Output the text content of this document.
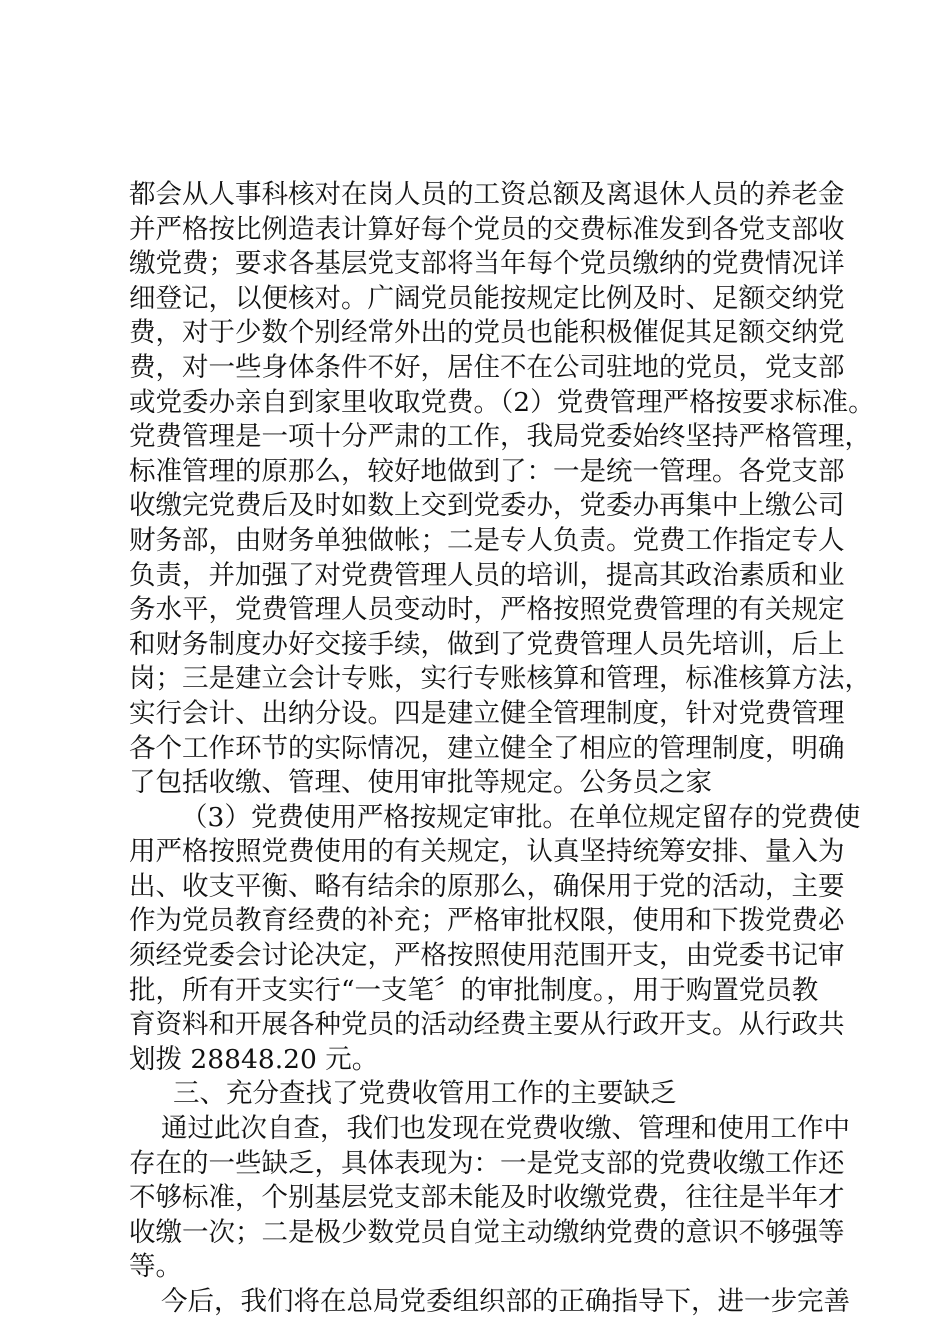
都会从人事科核对在岗人员的工资总额及离退休人员的养老金
并严格按比例造表计算好每个党员的交费标准发到各党支部收
缴党费；要求各基层党支部将当年每个党员缴纳的党费情况详
细登记，以便核对。广阔党员能按规定比例及时、足额交纳党
费，对于少数个别经常外出的党员也能积极催促其足额交纳党
费，对一些身体条件不好，居住不在公司驻地的党员，党支部
或党委办亲自到家里收取党费。（2）党费管理严格按要求标准。
党费管理是一项十分严肃的工作，我局党委始终坚持严格管理，
标准管理的原那么，较好地做到了：一是统一管理。各党支部
收缴完党费后及时如数上交到党委办，党委办再集中上缴公司
财务部，由财务单独做帐；二是专人负责。党费工作指定专人
负责，并加强了对党费管理人员的培训，提高其政治素质和业
务水平，党费管理人员变动时，严格按照党费管理的有关规定
和财务制度办好交接手续，做到了党费管理人员先培训，后上
岗；三是建立会计专账，实行专账核算和管理，标准核算方法，
实行会计、出纳分设。四是建立健全管理制度，针对党费管理
各个工作环节的实际情况，建立健全了相应的管理制度，明确
了包括收缴、管理、使用审批等规定。公务员之家
（3）党费使用严格按规定审批。在单位规定留存的党费使
用严格按照党费使用的有关规定，认真坚持统筹安排、量入为
出、收支平衡、略有结余的原那么，确保用于党的活动，主要
作为党员教育经费的补充；严格审批权限，使用和下拨党费必
须经党委会讨论决定，严格按照使用范围开支，由党委书记审
批，所有开支实行“一支笔〞的审批制度。，用于购置党员教
育资料和开展各种党员的活动经费主要从行政开支。从行政共
划拨 28848.20 元。
三、充分查找了党费收管用工作的主要缺乏
通过此次自查，我们也发现在党费收缴、管理和使用工作中
存在的一些缺乏，具体表现为：一是党支部的党费收缴工作还
不够标准，个别基层党支部未能及时收缴党费，往往是半年才
收缴一次；二是极少数党员自觉主动缴纳党费的意识不够强等
等。
今后，我们将在总局党委组织部的正确指导下，进一步完善
